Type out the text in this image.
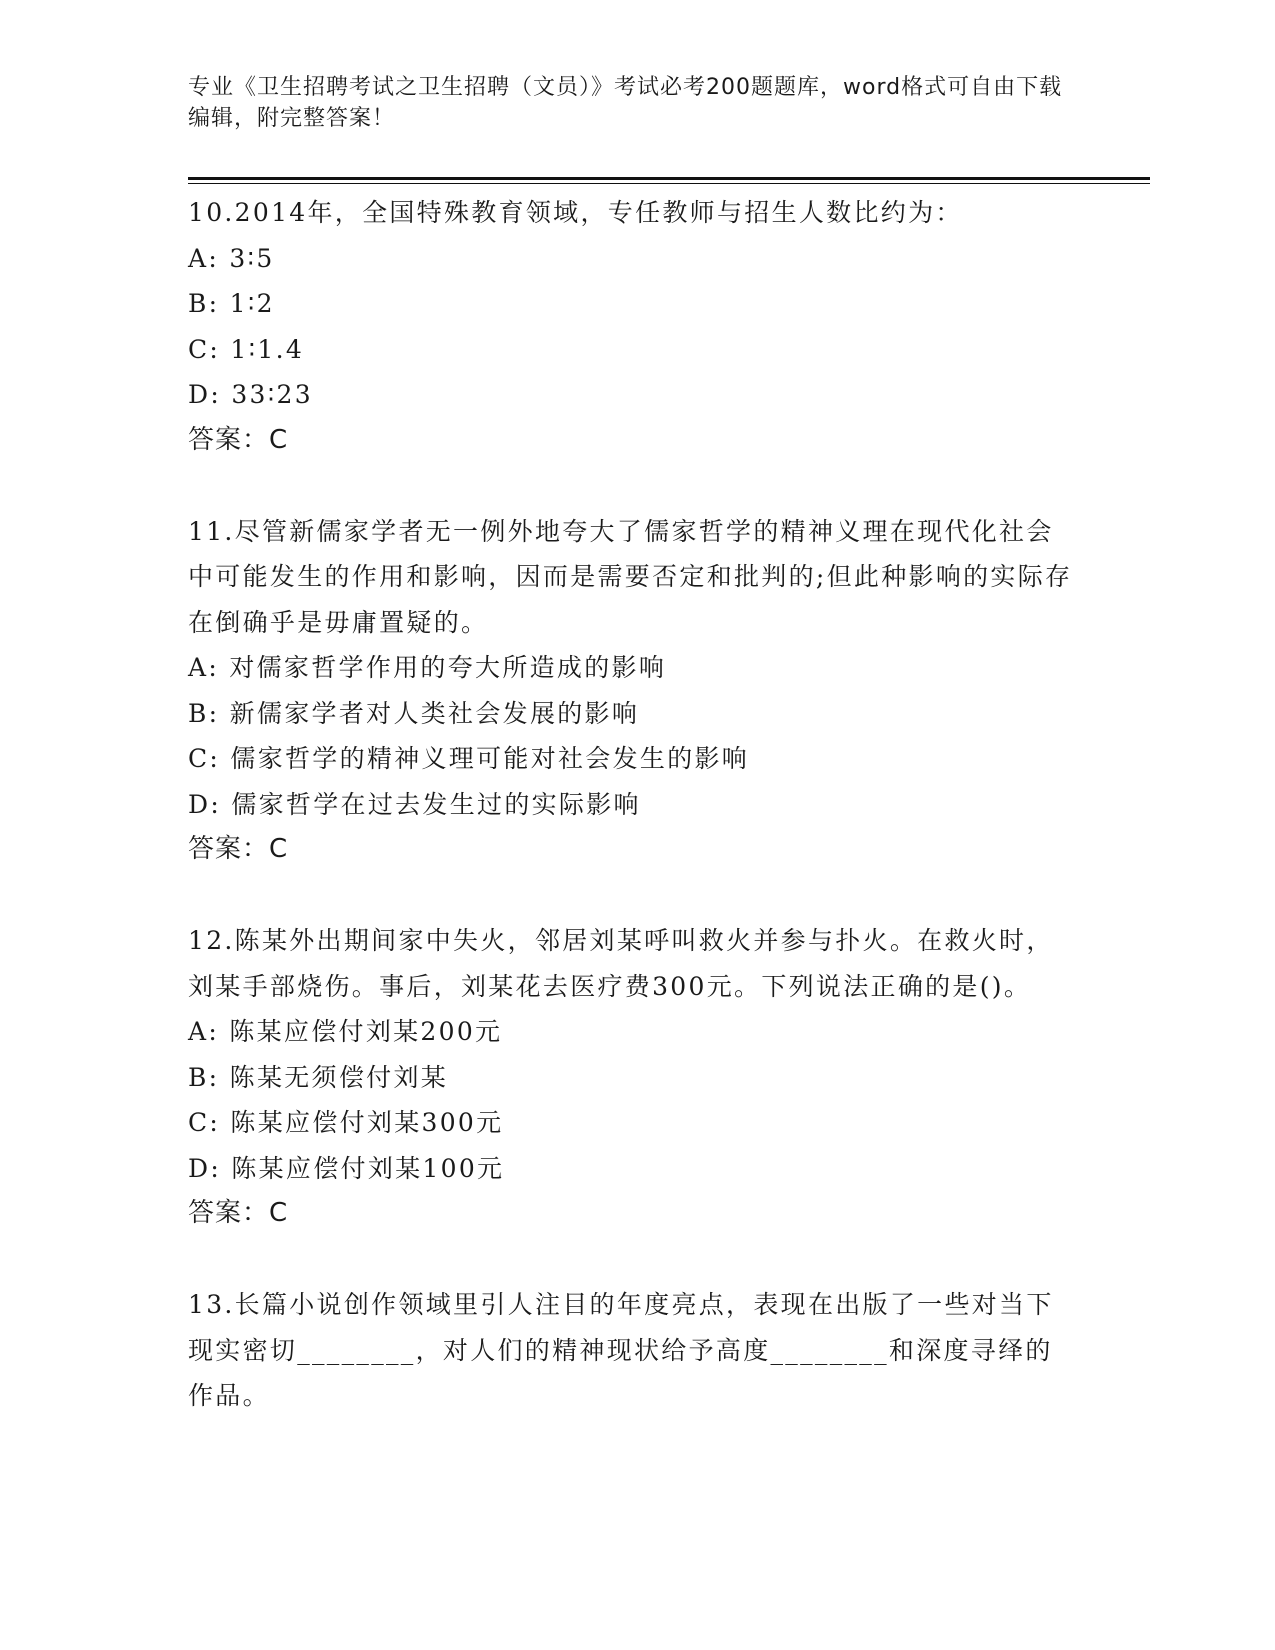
专业《卫生招聘考试之卫生招聘（文员）》考试必考200题题库，word格式可自由下载编辑，附完整答案！

10.2014年，全国特殊教育领域，专任教师与招生人数比约为：

A: 3∶5

B: 1∶2

C: 1∶1.4

D: 33∶23

答案：C

11.尽管新儒家学者无一例外地夸大了儒家哲学的精神义理在现代化社会中可能发生的作用和影响，因而是需要否定和批判的;但此种影响的实际存在倒确乎是毋庸置疑的。

A: 对儒家哲学作用的夸大所造成的影响

B: 新儒家学者对人类社会发展的影响

C: 儒家哲学的精神义理可能对社会发生的影响

D: 儒家哲学在过去发生过的实际影响

答案：C

12.陈某外出期间家中失火，邻居刘某呼叫救火并参与扑火。在救火时，刘某手部烧伤。事后，刘某花去医疗费300元。下列说法正确的是()。

A: 陈某应偿付刘某200元

B: 陈某无须偿付刘某

C: 陈某应偿付刘某300元

D: 陈某应偿付刘某100元

答案：C

13.长篇小说创作领域里引人注目的年度亮点，表现在出版了一些对当下现实密切________，对人们的精神现状给予高度________和深度寻绎的作品。
